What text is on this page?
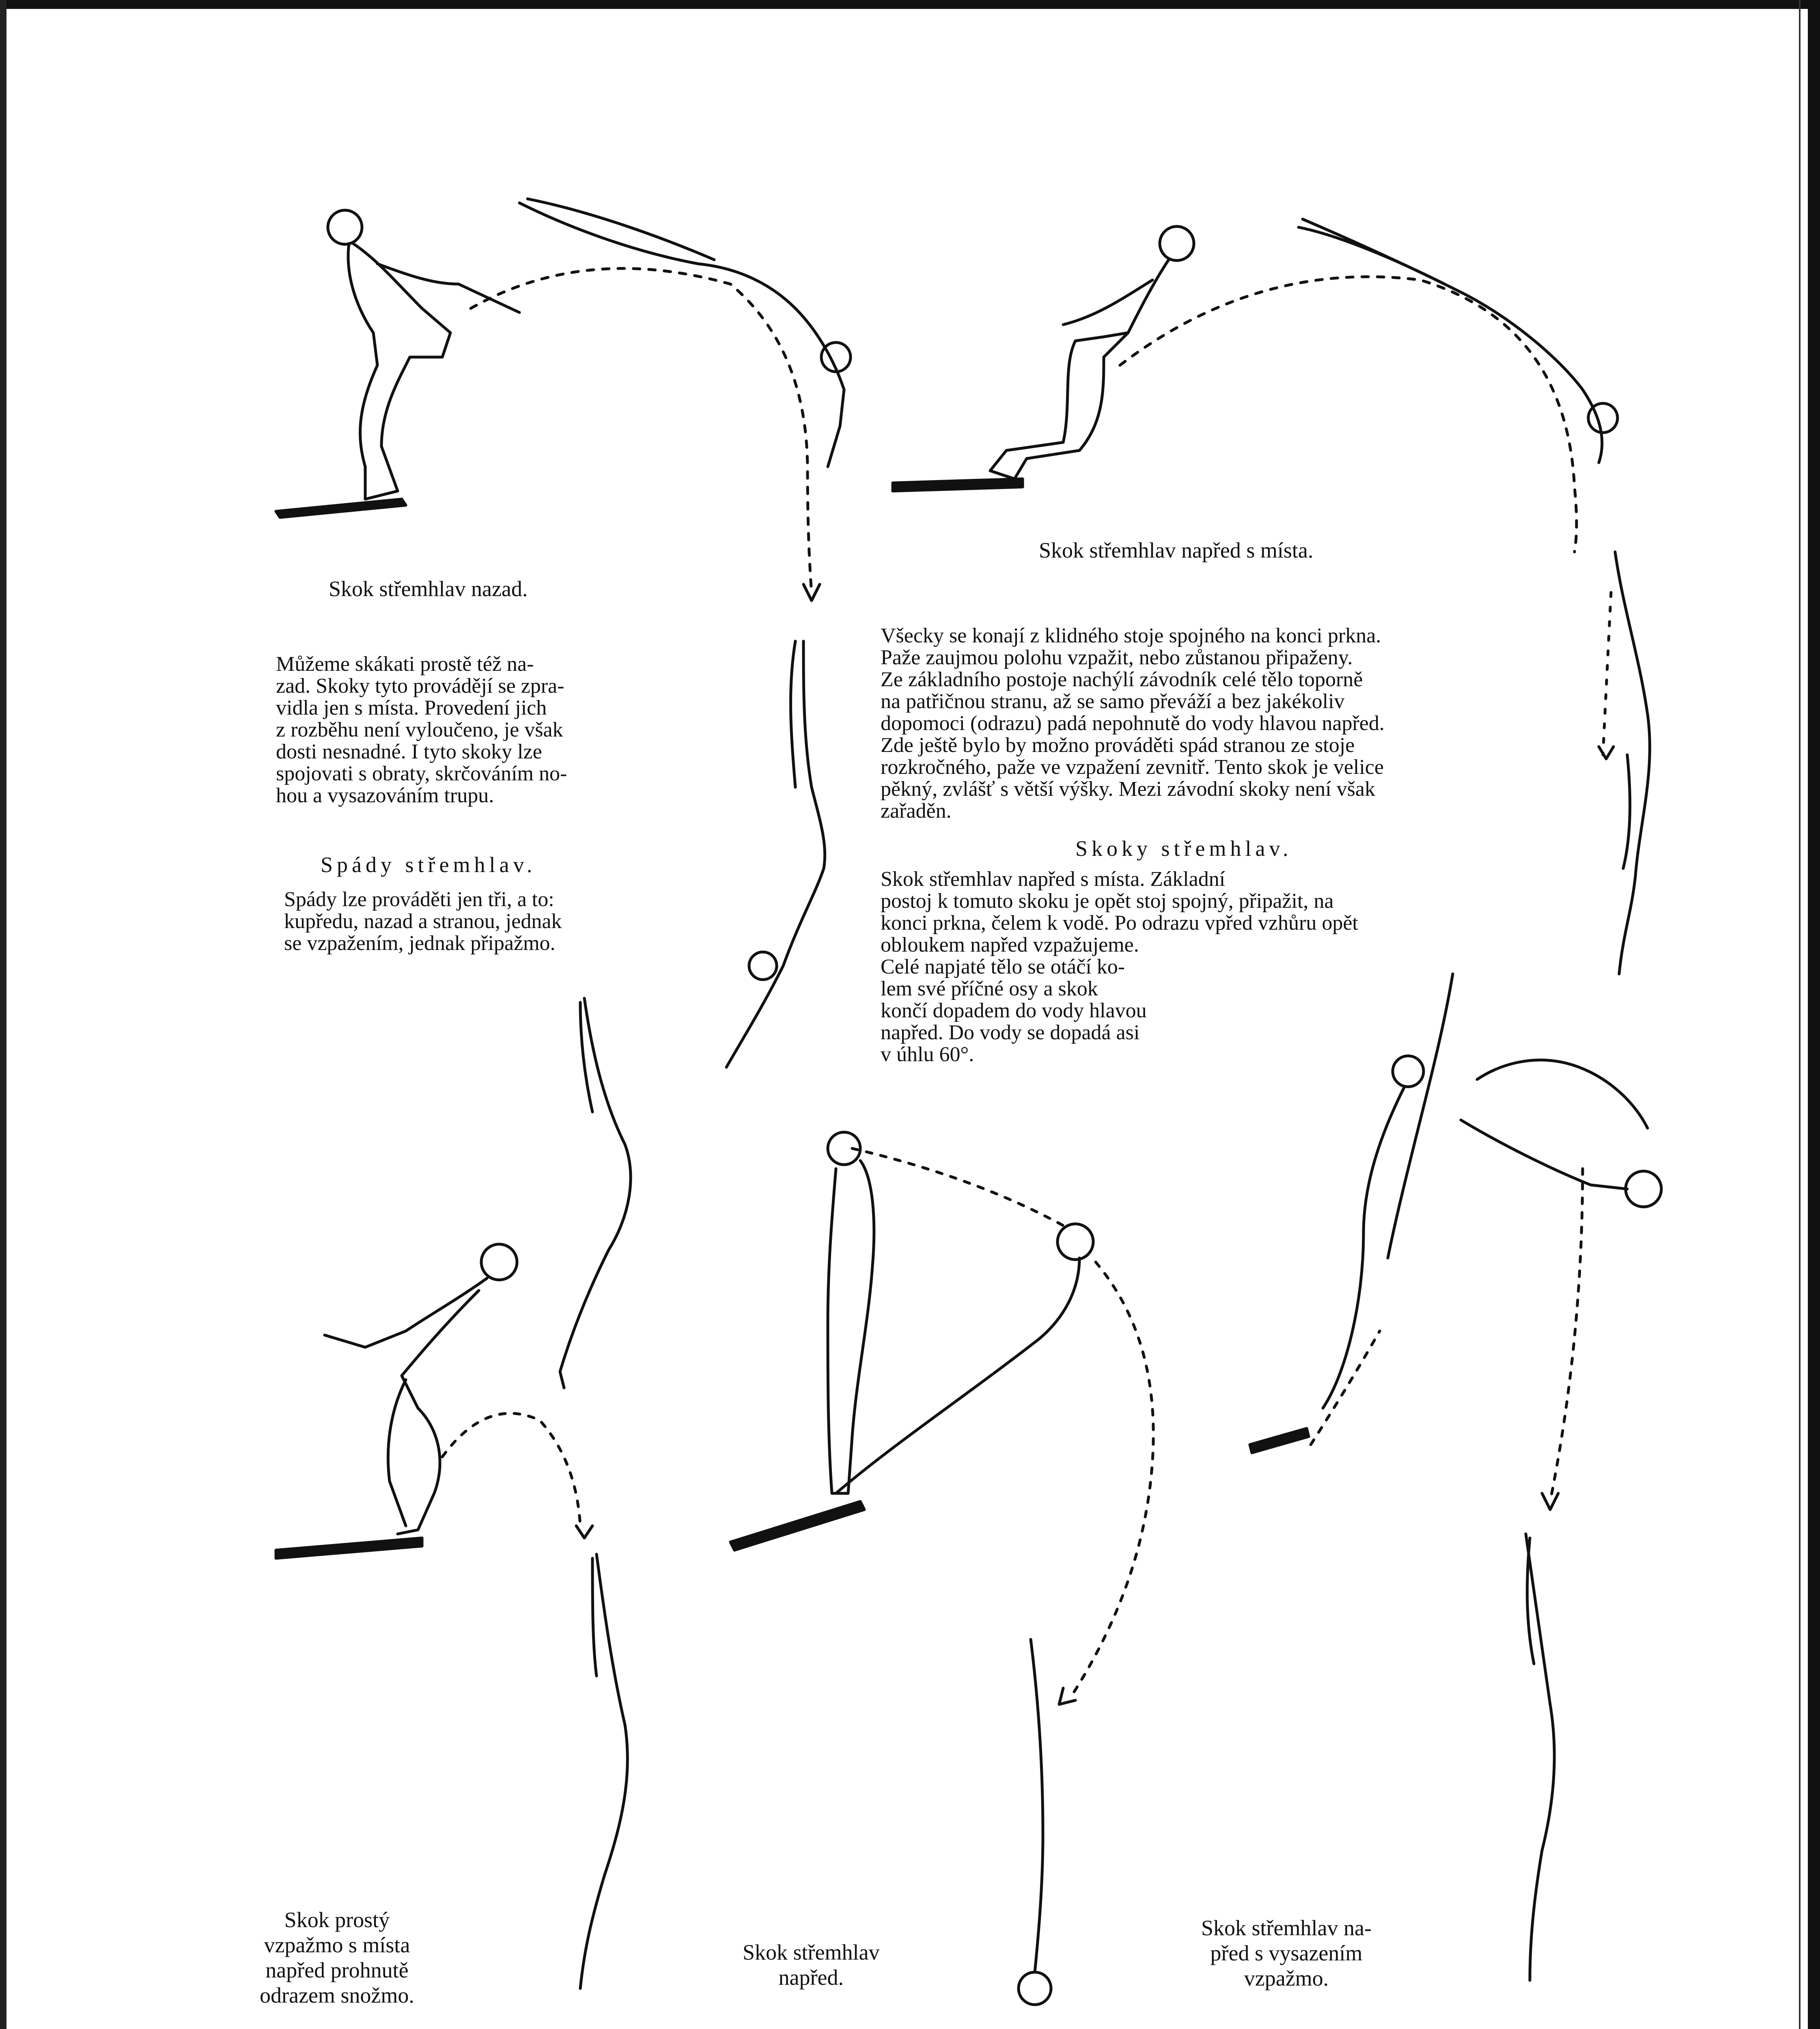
Skok střemhlav nazad.
Skok střemhlav napřed s místa.
Skok prostý
vzpažmo s místa
napřed prohnutě
odrazem snožmo.
Skok střemhlav
napřed.
Skok střemhlav na-
před s vysazením
vzpažmo.
Můžeme skákati prostě též na-
zad. Skoky tyto provádějí se zpra-
vidla jen s místa. Provedení jich
z rozběhu není vyloučeno, je však
dosti nesnadné. I tyto skoky lze
spojovati s obraty, skrčováním no-
hou a vysazováním trupu.
Spády střemhlav.
Spády lze prováděti jen tři, a to:
kupředu, nazad a stranou, jednak
se vzpažením, jednak připažmo.
Všecky se konají z klidného stoje spojného na konci prkna.
Paže zaujmou polohu vzpažit, nebo zůstanou připaženy.
Ze základního postoje nachýlí závodník celé tělo toporně
na patřičnou stranu, až se samo převáží a bez jakékoliv
dopomoci (odrazu) padá nepohnutě do vody hlavou napřed.
Zde ještě bylo by možno prováděti spád stranou ze stoje
rozkročného, paže ve vzpažení zevnitř. Tento skok je velice
pěkný, zvlášť s větší výšky. Mezi závodní skoky není však
zařaděn.
Skoky střemhlav.
Skok střemhlav napřed s místa. Základní
postoj k tomuto skoku je opět stoj spojný, připažit, na
konci prkna, čelem k vodě. Po odrazu vpřed vzhůru opět
obloukem napřed vzpažujeme.
Celé napjaté tělo se otáčí ko-
lem své příčné osy a skok
končí dopadem do vody hlavou
napřed. Do vody se dopadá asi
v úhlu 60°.
